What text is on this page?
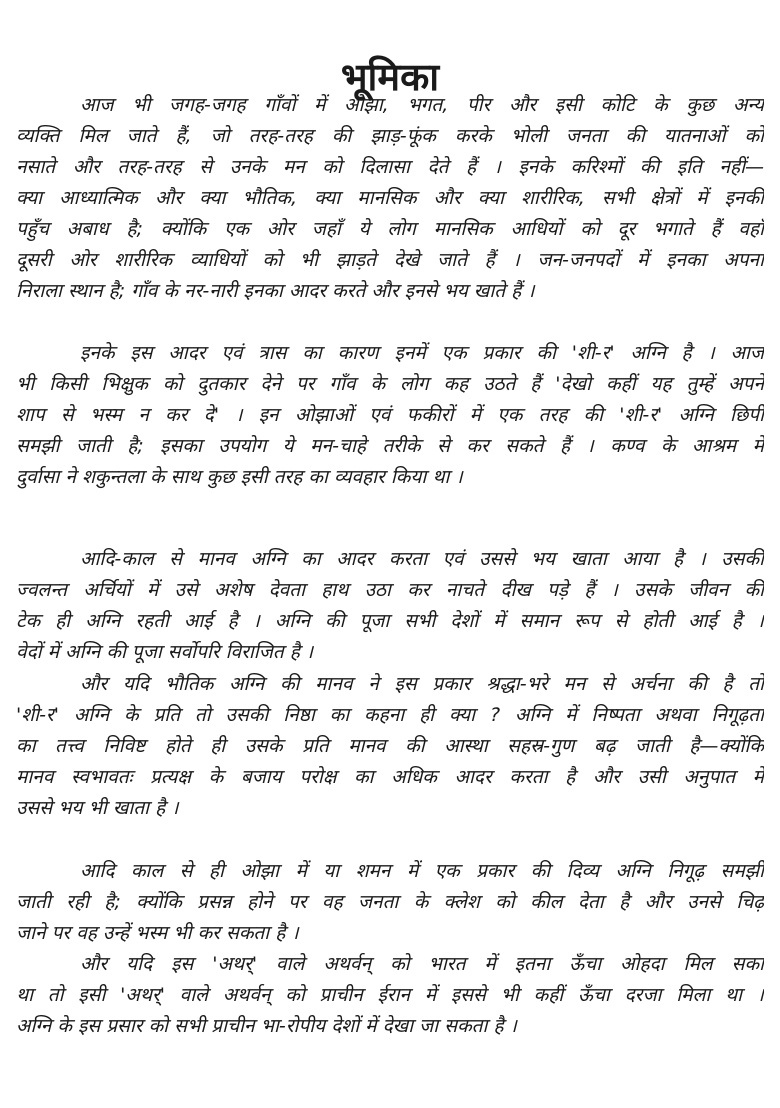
भूमिका
आज भी जगह-जगह गाँवों में ओझा, भगत, पीर और इसी कोटि के कुछ अन्य
व्यक्ति मिल जाते हैं, जो तरह-तरह की झाड़-फूंक करके भोली जनता की यातनाओं को
नसाते और तरह-तरह से उनके मन को दिलासा देते हैं । इनके करिश्मों की इति नहीं—
क्या आध्यात्मिक और क्या भौतिक, क्या मानसिक और क्या शारीरिक, सभी क्षेत्रों में इनकी
पहुँच अबाध है; क्योंकि एक ओर जहाँ ये लोग मानसिक आधियों को दूर भगाते हैं वहाँ
दूसरी ओर शारीरिक व्याधियों को भी झाड़ते देखे जाते हैं । जन-जनपदों में इनका अपना
निराला स्थान है; गाँव के नर-नारी इनका आदर करते और इनसे भय खाते हैं ।
इनके इस आदर एवं त्रास का कारण इनमें एक प्रकार की 'शी-र' अग्नि है । आज
भी किसी भिक्षुक को दुतकार देने पर गाँव के लोग कह उठते हैं 'देखो कहीं यह तुम्हें अपने
शाप से भस्म न कर दे' । इन ओझाओं एवं फकीरों में एक तरह की 'शी-र' अग्नि छिपी
समझी जाती है; इसका उपयोग ये मन-चाहे तरीके से कर सकते हैं । कण्व के आश्रम में
दुर्वासा ने शकुन्तला के साथ कुछ इसी तरह का व्यवहार किया था ।
आदि-काल से मानव अग्नि का आदर करता एवं उससे भय खाता आया है । उसकी
ज्वलन्त अर्चियों में उसे अशेष देवता हाथ उठा कर नाचते दीख पड़े हैं । उसके जीवन की
टेक ही अग्नि रहती आई है । अग्नि की पूजा सभी देशों में समान रूप से होती आई है ।
वेदों में अग्नि की पूजा सर्वोपरि विराजित है ।
और यदि भौतिक अग्नि की मानव ने इस प्रकार श्रद्धा-भरे मन से अर्चना की है तो
'शी-र' अग्नि के प्रति तो उसकी निष्ठा का कहना ही क्या ? अग्नि में निष्पता अथवा निगूढ़ता
का तत्त्व निविष्ट होते ही उसके प्रति मानव की आस्था सहस्र-गुण बढ़ जाती है—क्योंकि
मानव स्वभावतः प्रत्यक्ष के बजाय परोक्ष का अधिक आदर करता है और उसी अनुपात में
उससे भय भी खाता है ।
आदि काल से ही ओझा में या शमन में एक प्रकार की दिव्य अग्नि निगूढ़ समझी
जाती रही है; क्योंकि प्रसन्न होने पर वह जनता के क्लेश को कील देता है और उनसे चिढ़
जाने पर वह उन्हें भस्म भी कर सकता है ।
और यदि इस 'अथर्' वाले अथर्वन् को भारत में इतना ऊँचा ओहदा मिल सका
था तो इसी 'अथर्' वाले अथर्वन् को प्राचीन ईरान में इससे भी कहीं ऊँचा दरजा मिला था ।
अग्नि के इस प्रसार को सभी प्राचीन भा-रोपीय देशों में देखा जा सकता है ।
